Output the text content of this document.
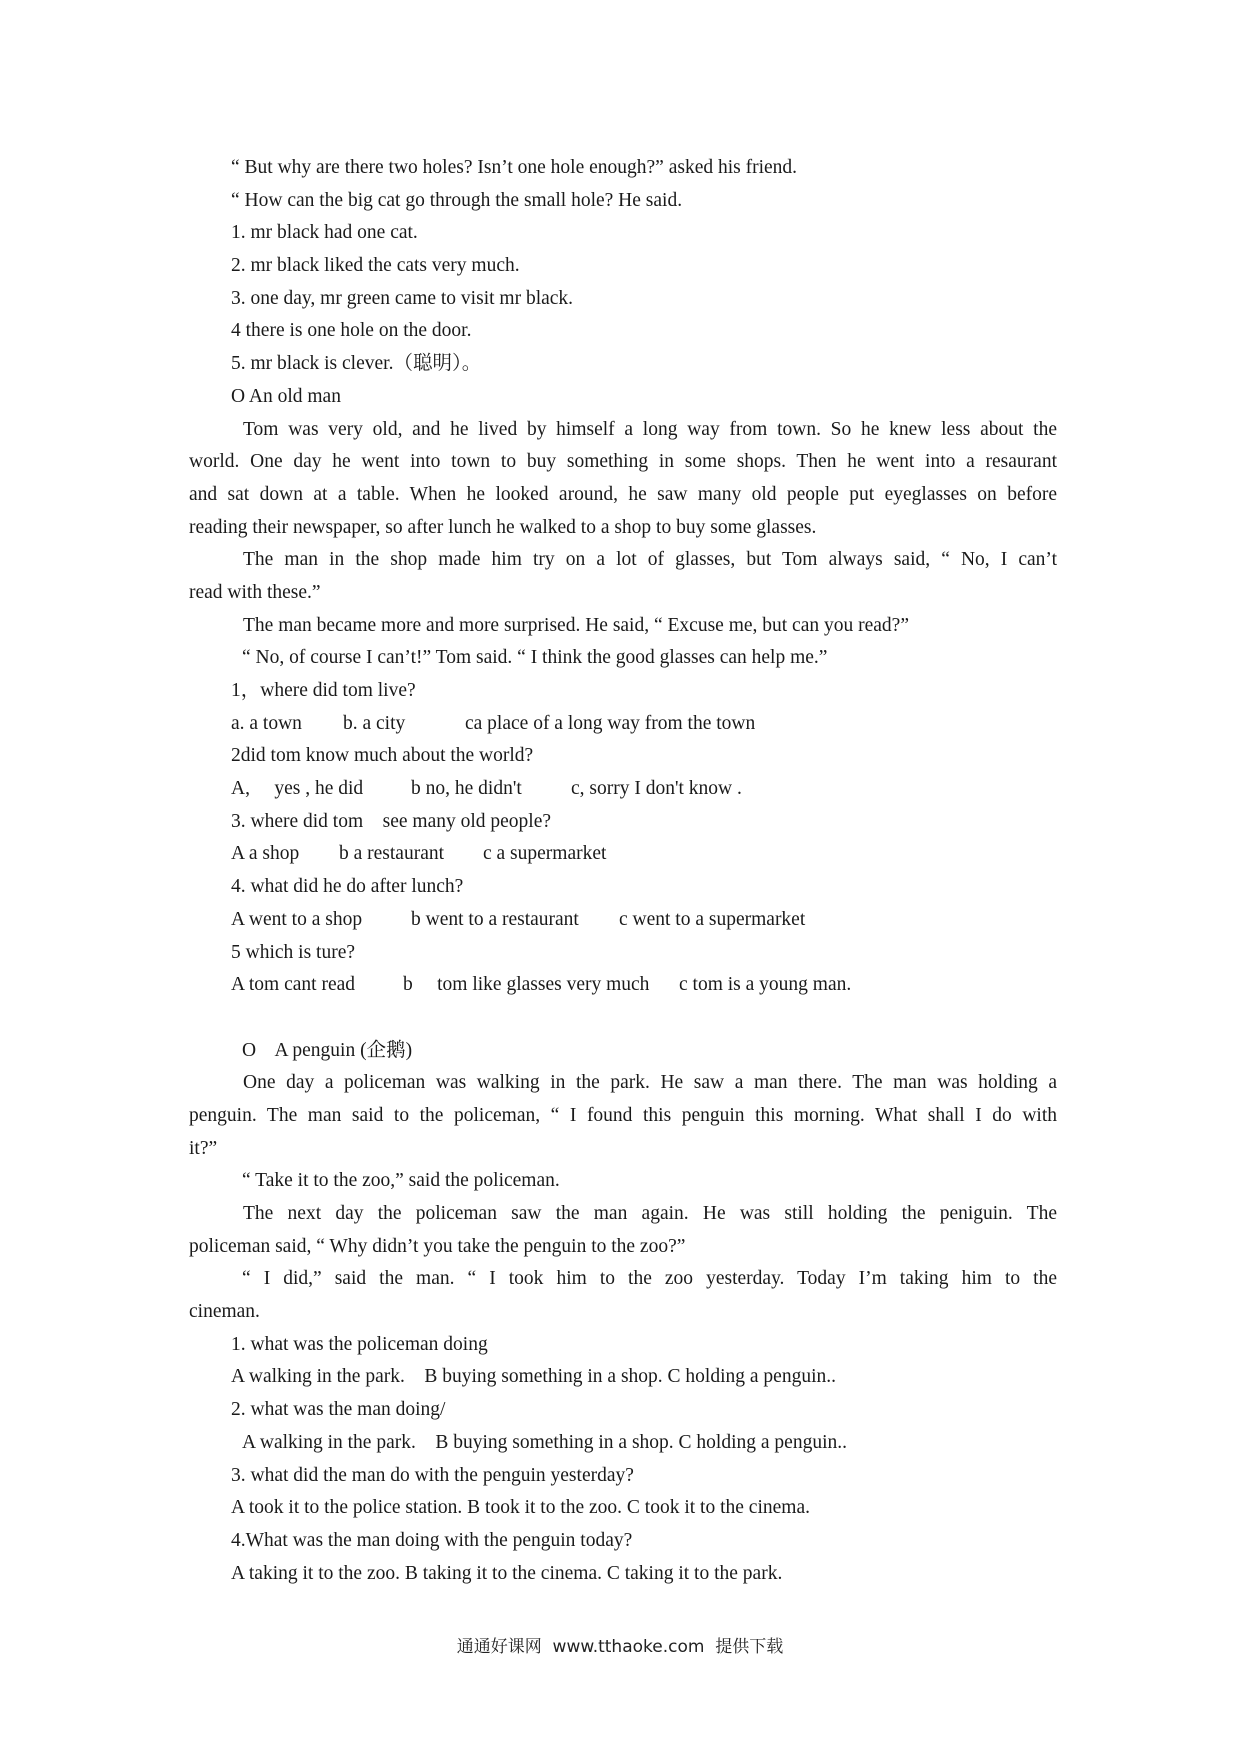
“ But why are there two holes? Isn’t one hole enough?” asked his friend.
“ How can the big cat go through the small hole? He said.
1. mr black had one cat.
2. mr black liked the cats very much.
3. one day, mr green came to visit mr black.
4 there is one hole on the door.
5. mr black is clever.（聪明）。
O An old man
Tom was very old, and he lived by himself a long way from town. So he knew less about the
world. One day he went into town to buy something in some shops. Then he went into a resaurant
and sat down at a table. When he looked around, he saw many old people put eyeglasses on before
reading their newspaper, so after lunch he walked to a shop to buy some glasses.
The man in the shop made him try on a lot of glasses, but Tom always said, “ No, I can’t
read with these.”
The man became more and more surprised. He said, “ Excuse me, but can you read?”
“ No, of course I can’t!” Tom said. “ I think the good glasses can help me.”
1，where did tom live?
a. a town b. a city	ca place of a long way from the town
2did tom know much about the world?
A,     yes , he did b no, he didn't	c, sorry I don't know .
3. where did tom    see many old people?
A a shop b a restaurant c a supermarket
4. what did he do after lunch?
A went to a shop	b went to a restaurant c went to a supermarket
5 which is ture?
A tom cant read b     tom like glasses very much c tom is a young man.
O    A penguin (企鹅)
One day a policeman was walking in the park. He saw a man there. The man was holding a
penguin. The man said to the policeman, “ I found this penguin this morning. What shall I do with
it?”
“ Take it to the zoo,” said the policeman.
The next day the policeman saw the man again. He was still holding the peniguin. The
policeman said, “ Why didn’t you take the penguin to the zoo?”
“ I did,” said the man. “ I took him to the zoo yesterday. Today I’m taking him to the
cineman.
1. what was the policeman doing
A walking in the park.    B buying something in a shop. C holding a penguin..
2. what was the man doing/
A walking in the park.    B buying something in a shop. C holding a penguin..
3. what did the man do with the penguin yesterday?
A took it to the police station. B took it to the zoo. C took it to the cinema.
4.What was the man doing with the penguin today?
A taking it to the zoo. B taking it to the cinema. C taking it to the park.
通通好课网  www.tthaoke.com  提供下载
